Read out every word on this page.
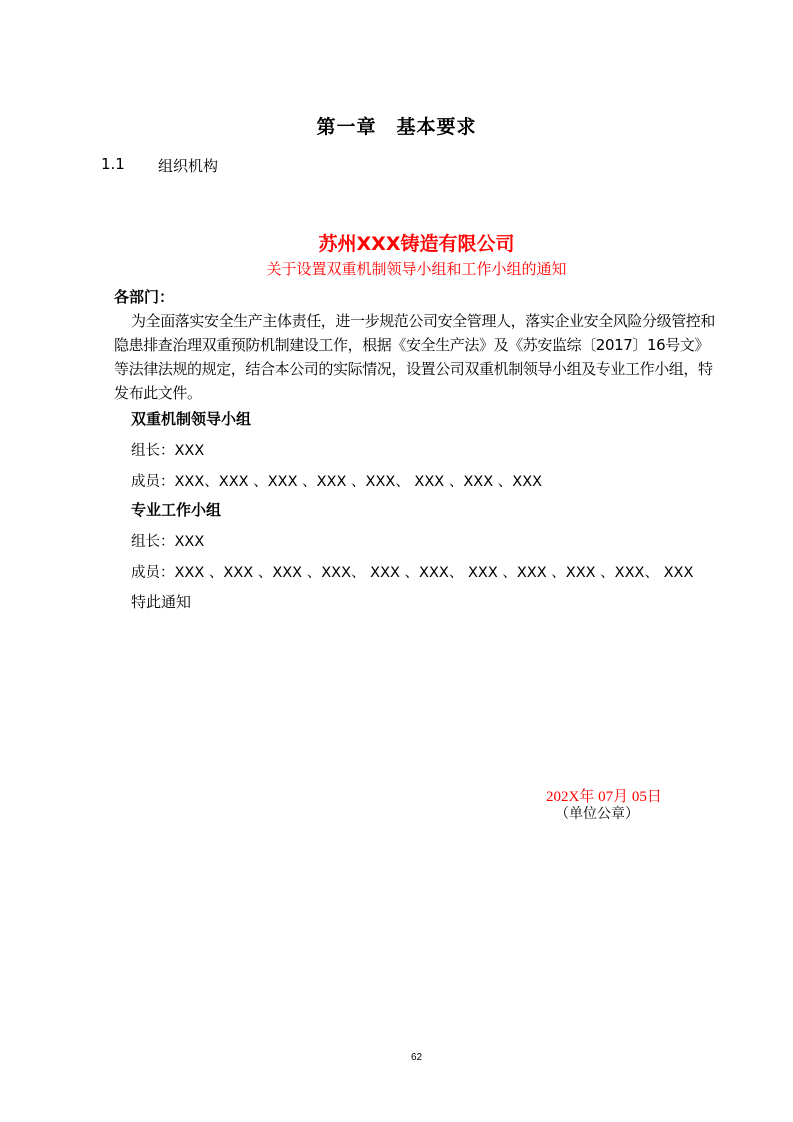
第一章　基本要求
1.1 组织机构
苏州XXX铸造有限公司
关于设置双重机制领导小组和工作小组的通知
各部门：
为全面落实安全生产主体责任，进一步规范公司安全管理人，落实企业安全风险分级管控和隐患排查治理双重预防机制建设工作，根据《安全生产法》及《苏安监综〔2017〕16号文》等法律法规的规定，结合本公司的实际情况，设置公司双重机制领导小组及专业工作小组，特发布此文件。
双重机制领导小组
组长：XXX
成员：XXX、XXX 、XXX 、XXX 、XXX、 XXX 、XXX 、XXX
专业工作小组
组长：XXX
成员：XXX 、XXX 、XXX 、XXX、 XXX 、XXX、 XXX 、XXX 、XXX 、XXX、 XXX
特此通知
202X年 07月 05日
（单位公章）
62
